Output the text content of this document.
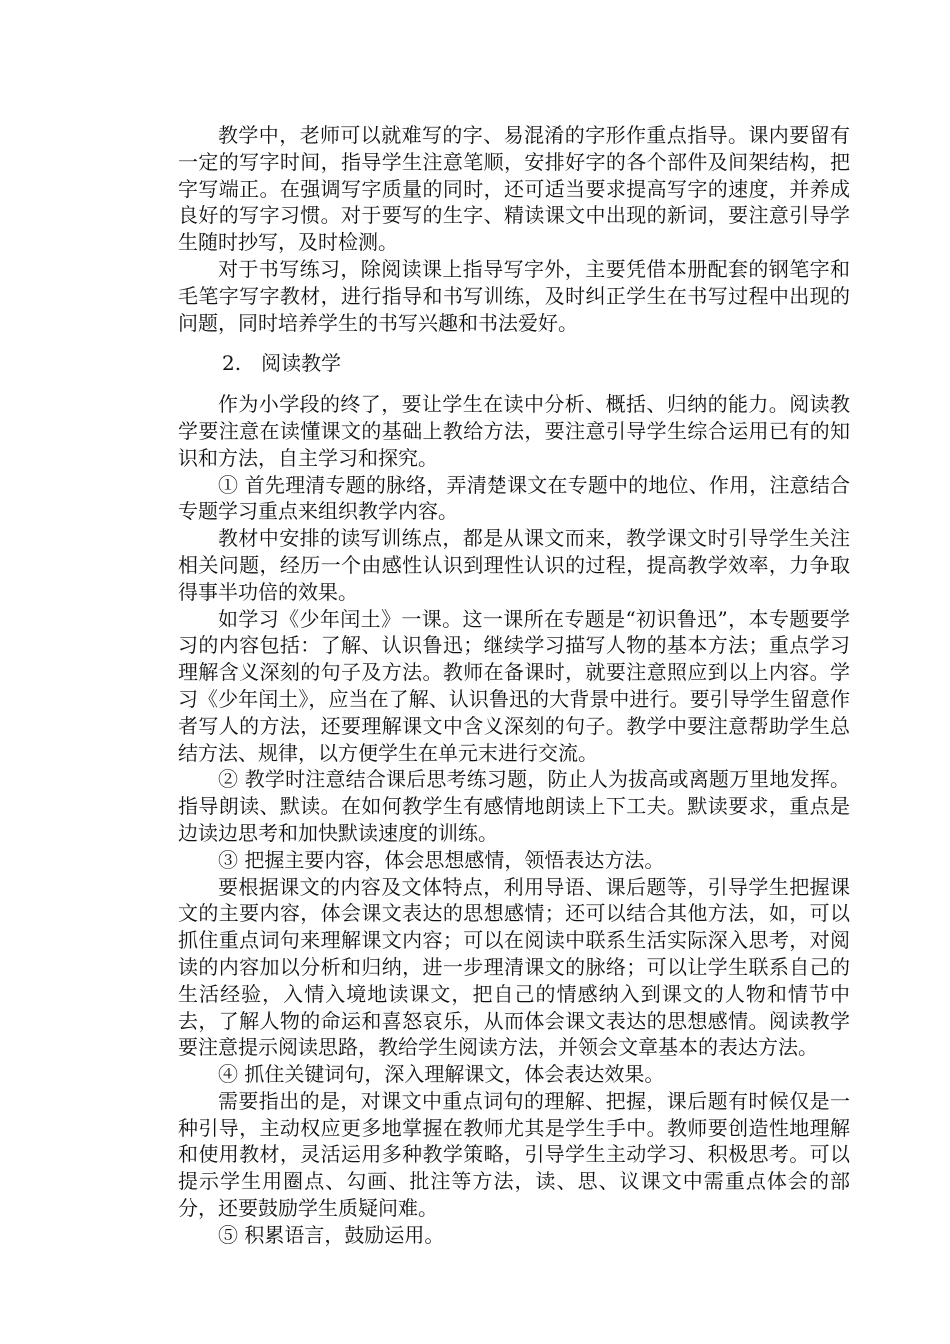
教学中，老师可以就难写的字、易混淆的字形作重点指导。课内要留有一定的写字时间，指导学生注意笔顺，安排好字的各个部件及间架结构，把字写端正。在强调写字质量的同时，还可适当要求提高写字的速度，并养成良好的写字习惯。对于要写的生字、精读课文中出现的新词，要注意引导学生随时抄写，及时检测。

对于书写练习，除阅读课上指导写字外，主要凭借本册配套的钢笔字和毛笔字写字教材，进行指导和书写训练，及时纠正学生在书写过程中出现的问题，同时培养学生的书写兴趣和书法爱好。

2.　阅读教学

作为小学段的终了，要让学生在读中分析、概括、归纳的能力。阅读教学要注意在读懂课文的基础上教给方法，要注意引导学生综合运用已有的知识和方法，自主学习和探究。

① 首先理清专题的脉络，弄清楚课文在专题中的地位、作用，注意结合专题学习重点来组织教学内容。

教材中安排的读写训练点，都是从课文而来，教学课文时引导学生关注相关问题，经历一个由感性认识到理性认识的过程，提高教学效率，力争取得事半功倍的效果。

如学习《少年闰土》一课。这一课所在专题是“初识鲁迅”，本专题要学习的内容包括：了解、认识鲁迅；继续学习描写人物的基本方法；重点学习理解含义深刻的句子及方法。教师在备课时，就要注意照应到以上内容。学习《少年闰土》，应当在了解、认识鲁迅的大背景中进行。要引导学生留意作者写人的方法，还要理解课文中含义深刻的句子。教学中要注意帮助学生总结方法、规律，以方便学生在单元末进行交流。

② 教学时注意结合课后思考练习题，防止人为拔高或离题万里地发挥。指导朗读、默读。在如何教学生有感情地朗读上下工夫。默读要求，重点是边读边思考和加快默读速度的训练。

③ 把握主要内容，体会思想感情，领悟表达方法。

要根据课文的内容及文体特点，利用导语、课后题等，引导学生把握课文的主要内容，体会课文表达的思想感情；还可以结合其他方法，如，可以抓住重点词句来理解课文内容；可以在阅读中联系生活实际深入思考，对阅读的内容加以分析和归纳，进一步理清课文的脉络；可以让学生联系自己的生活经验，入情入境地读课文，把自己的情感纳入到课文的人物和情节中去，了解人物的命运和喜怒哀乐，从而体会课文表达的思想感情。阅读教学要注意提示阅读思路，教给学生阅读方法，并领会文章基本的表达方法。

④ 抓住关键词句，深入理解课文，体会表达效果。

需要指出的是，对课文中重点词句的理解、把握，课后题有时候仅是一种引导，主动权应更多地掌握在教师尤其是学生手中。教师要创造性地理解和使用教材，灵活运用多种教学策略，引导学生主动学习、积极思考。可以提示学生用圈点、勾画、批注等方法，读、思、议课文中需重点体会的部分，还要鼓励学生质疑问难。

⑤ 积累语言，鼓励运用。
